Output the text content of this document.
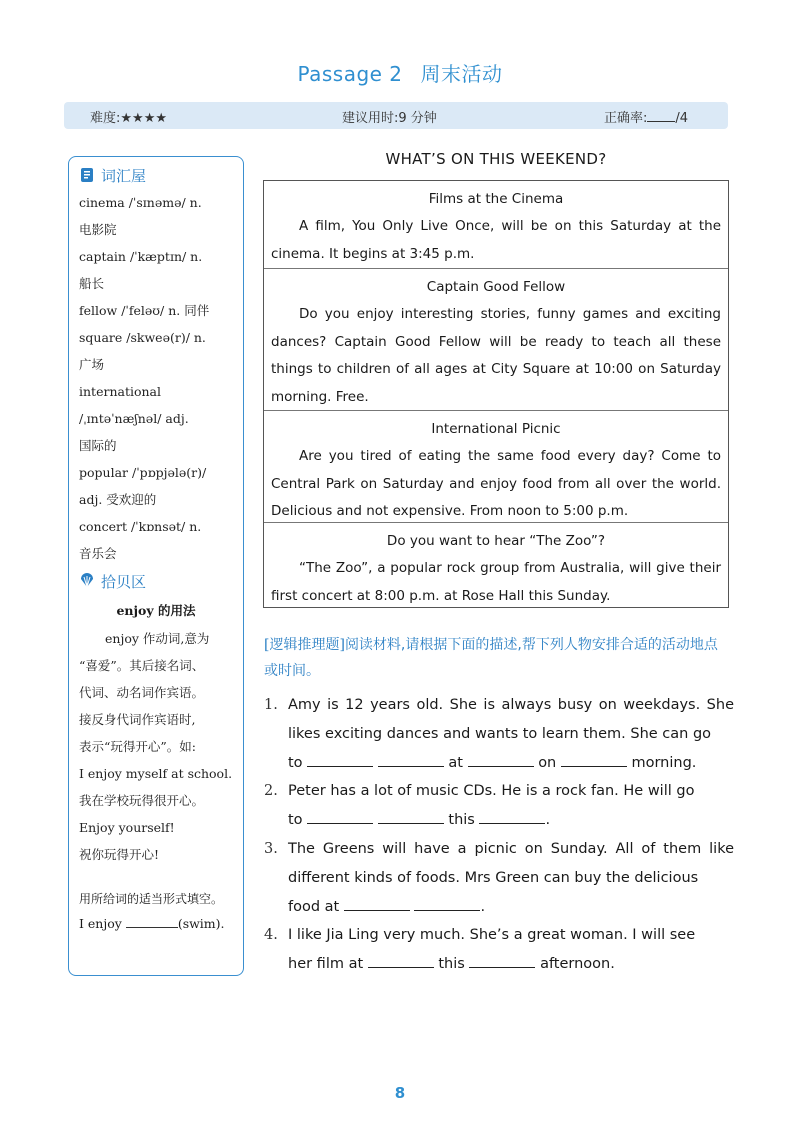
Passage 2 周末活动
难度:★★★★	建议用时:9 分钟	正确率: /4
词汇屋
cinema /ˈsɪnəmə/ n.
电影院
captain /ˈkæptɪn/ n.
船长
fellow /ˈfeləʊ/ n. 同伴
square /skweə(r)/ n.
广场
international
/ˌɪntəˈnæʃnəl/ adj.
国际的
popular /ˈpɒpjələ(r)/
adj. 受欢迎的
concert /ˈkɒnsət/ n.
音乐会
拾贝区
enjoy 的用法
enjoy 作动词,意为
“喜爱”。其后接名词、
代词、动名词作宾语。
接反身代词作宾语时,
表示“玩得开心”。如:
I enjoy myself at school.
我在学校玩得很开心。
Enjoy yourself!
祝你玩得开心!
用所给词的适当形式填空。
I enjoy	(swim).
WHAT’S ON THIS WEEKEND?
Films at the Cinema
A film, You Only Live Once, will be on this Saturday at the cinema. It begins at 3:45 p.m.
Captain Good Fellow
Do you enjoy interesting stories, funny games and exciting dances? Captain Good Fellow will be ready to teach all these things to children of all ages at City Square at 10:00 on Saturday morning. Free.
International Picnic
Are you tired of eating the same food every day? Come to Central Park on Saturday and enjoy food from all over the world. Delicious and not expensive. From noon to 5:00 p.m.
Do you want to hear “The Zoo”?
“The Zoo”, a popular rock group from Australia, will give their first concert at 8:00 p.m. at Rose Hall this Sunday.
[逻辑推理题]阅读材料,请根据下面的描述,帮下列人物安排合适的活动地点或时间。
1. Amy is 12 years old. She is always busy on weekdays. She likes exciting dances and wants to learn them. She can go
to	at	on	morning.
2. Peter has a lot of music CDs. He is a rock fan. He will go
to	this	.
3. The Greens will have a picnic on Sunday. All of them like different kinds of foods. Mrs Green can buy the delicious
food at	.
4. I like Jia Ling very much. She’s a great woman. I will see
her film at	this	afternoon.
8
